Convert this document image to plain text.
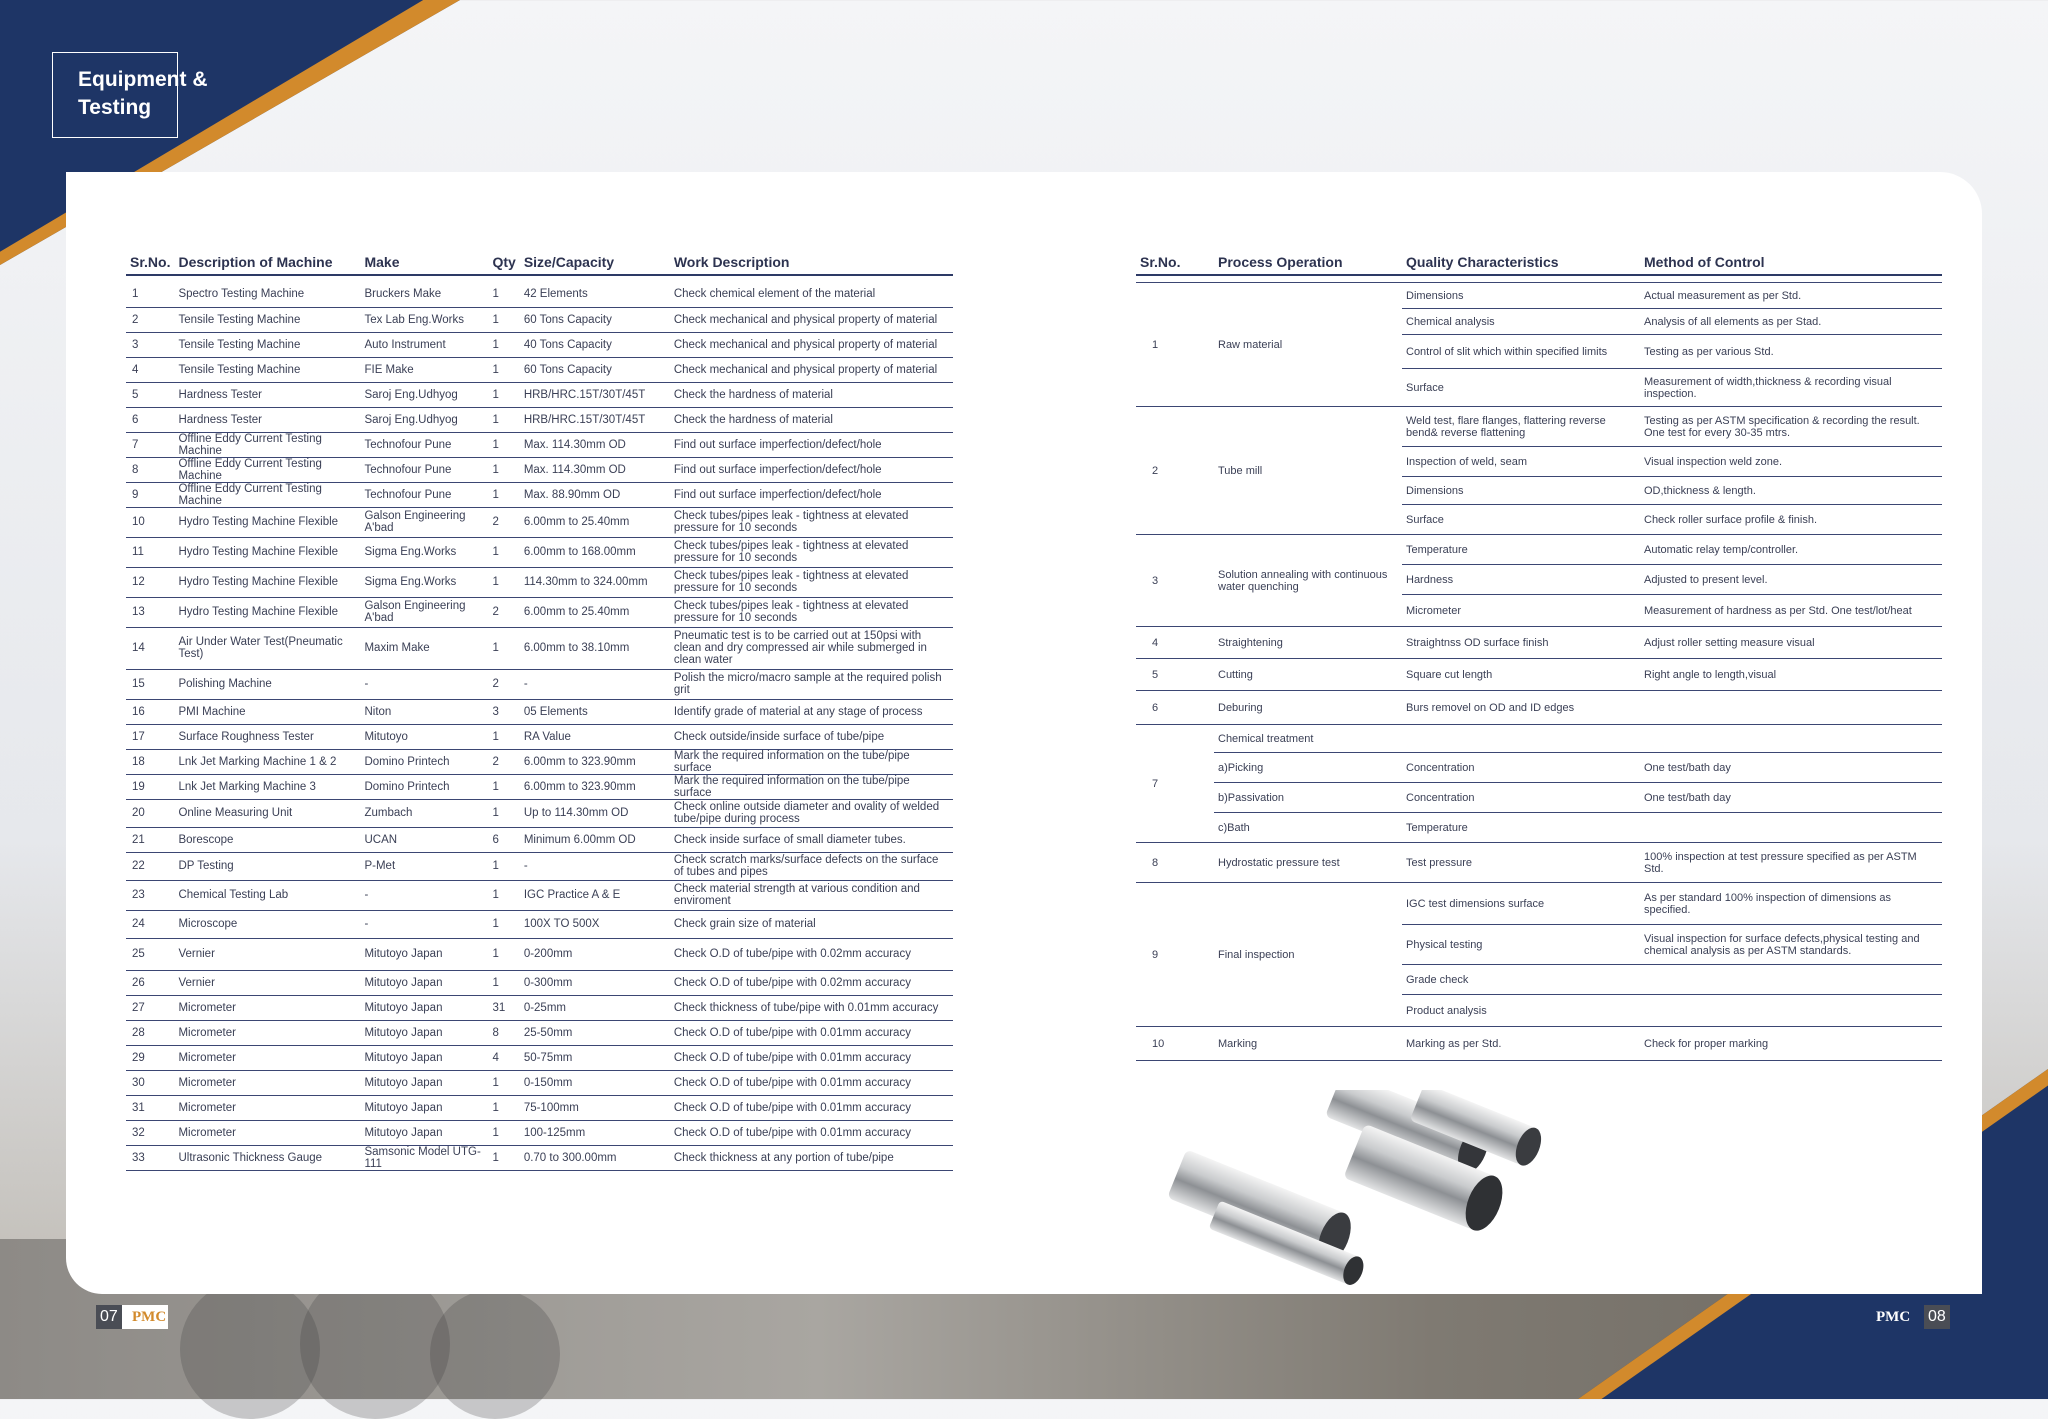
Equipment &
Testing
Sr.No.	Description of Machine	Make	Qty	Size/Capacity	Work Description

1	Spectro Testing Machine	Bruckers Make	1	42 Elements	Check chemical element of the material
2	Tensile Testing Machine	Tex Lab Eng.Works	1	60 Tons Capacity	Check mechanical and physical property of material
3	Tensile Testing Machine	Auto Instrument	1	40 Tons Capacity	Check mechanical and physical property of material
4	Tensile Testing Machine	FIE Make	1	60 Tons Capacity	Check mechanical and physical property of material
5	Hardness Tester	Saroj Eng.Udhyog	1	HRB/HRC.15T/30T/45T	Check the hardness of material
6	Hardness Tester	Saroj Eng.Udhyog	1	HRB/HRC.15T/30T/45T	Check the hardness of material
7	Offline Eddy Current Testing Machine	Technofour Pune	1	Max. 114.30mm OD	Find out surface imperfection/defect/hole
8	Offline Eddy Current Testing Machine	Technofour Pune	1	Max. 114.30mm OD	Find out surface imperfection/defect/hole
9	Offline Eddy Current Testing Machine	Technofour Pune	1	Max. 88.90mm OD	Find out surface imperfection/defect/hole
10	Hydro Testing Machine Flexible	Galson Engineering A'bad	2	6.00mm to 25.40mm	Check tubes/pipes leak - tightness at elevated pressure for 10 seconds
11	Hydro Testing Machine Flexible	Sigma Eng.Works	1	6.00mm to 168.00mm	Check tubes/pipes leak - tightness at elevated pressure for 10 seconds
12	Hydro Testing Machine Flexible	Sigma Eng.Works	1	114.30mm to 324.00mm	Check tubes/pipes leak - tightness at elevated pressure for 10 seconds
13	Hydro Testing Machine Flexible	Galson Engineering A'bad	2	6.00mm to 25.40mm	Check tubes/pipes leak - tightness at elevated pressure for 10 seconds
14	Air Under Water Test(Pneumatic Test)	Maxim Make	1	6.00mm to 38.10mm	Pneumatic test is to be carried out at 150psi with clean and dry compressed air while submerged in clean water
15	Polishing Machine	-	2	-	Polish the micro/macro sample at the required polish grit
16	PMI Machine	Niton	3	05 Elements	Identify grade of material at any stage of process
17	Surface Roughness Tester	Mitutoyo	1	RA Value	Check outside/inside surface of tube/pipe
18	Lnk Jet Marking Machine 1 & 2	Domino Printech	2	6.00mm to 323.90mm	Mark the required information on the tube/pipe surface
19	Lnk Jet Marking Machine 3	Domino Printech	1	6.00mm to 323.90mm	Mark the required information on the tube/pipe surface
20	Online Measuring Unit	Zumbach	1	Up to 114.30mm OD	Check online outside diameter and ovality of welded tube/pipe during process
21	Borescope	UCAN	6	Minimum 6.00mm OD	Check inside surface of small diameter tubes.
22	DP Testing	P-Met	1	-	Check scratch marks/surface defects on the surface of tubes and pipes
23	Chemical Testing Lab	-	1	IGC Practice A & E	Check material strength at various condition and enviroment
24	Microscope	-	1	100X TO 500X	Check grain size of material
25	Vernier	Mitutoyo Japan	1	0-200mm	Check O.D of tube/pipe with 0.02mm accuracy
26	Vernier	Mitutoyo Japan	1	0-300mm	Check O.D of tube/pipe with 0.02mm accuracy
27	Micrometer	Mitutoyo Japan	31	0-25mm	Check thickness of tube/pipe with 0.01mm accuracy
28	Micrometer	Mitutoyo Japan	8	25-50mm	Check O.D of tube/pipe with 0.01mm accuracy
29	Micrometer	Mitutoyo Japan	4	50-75mm	Check O.D of tube/pipe with 0.01mm accuracy
30	Micrometer	Mitutoyo Japan	1	0-150mm	Check O.D of tube/pipe with 0.01mm accuracy
31	Micrometer	Mitutoyo Japan	1	75-100mm	Check O.D of tube/pipe with 0.01mm accuracy
32	Micrometer	Mitutoyo Japan	1	100-125mm	Check O.D of tube/pipe with 0.01mm accuracy
33	Ultrasonic Thickness Gauge	Samsonic Model UTG-111	1	0.70 to 300.00mm	Check thickness at any portion of tube/pipe
Sr.No.	Process Operation	Quality Characteristics	Method of Control

1	Raw material	Dimensions	Actual measurement as per Std.
		Chemical analysis	Analysis of all elements as per Stad.
		Control of slit which within specified limits	Testing as per various Std.
		Surface	Measurement of width,thickness & recording visual inspection.
2	Tube mill	Weld test, flare flanges, flattering reverse bend& reverse flattening	Testing as per ASTM specification & recording the result. One test for every 30-35 mtrs.
		Inspection of weld, seam	Visual inspection weld zone.
		Dimensions	OD,thickness & length.
		Surface	Check roller surface profile & finish.
3	Solution annealing with continuous water quenching	Temperature	Automatic relay temp/controller.
		Hardness	Adjusted to present level.
		Micrometer	Measurement of hardness as per Std. One test/lot/heat
4	Straightening	Straightnss OD surface finish	Adjust roller setting measure visual
5	Cutting	Square cut length	Right angle to length,visual
6	Deburing	Burs removel on OD and ID edges	
7	Chemical treatment		
	a)Picking	Concentration	One test/bath day
	b)Passivation	Concentration	One test/bath day
	c)Bath	Temperature	
8	Hydrostatic pressure test	Test pressure	100% inspection at test pressure specified as per ASTM Std.
9	Final inspection	IGC test dimensions surface	As per standard 100% inspection of dimensions as specified.
		Physical testing	Visual inspection for surface defects,physical testing and chemical analysis as per ASTM standards.
		Grade check	
		Product analysis	
10	Marking	Marking as per Std.	Check for proper marking
07 PMC	PMC 08
